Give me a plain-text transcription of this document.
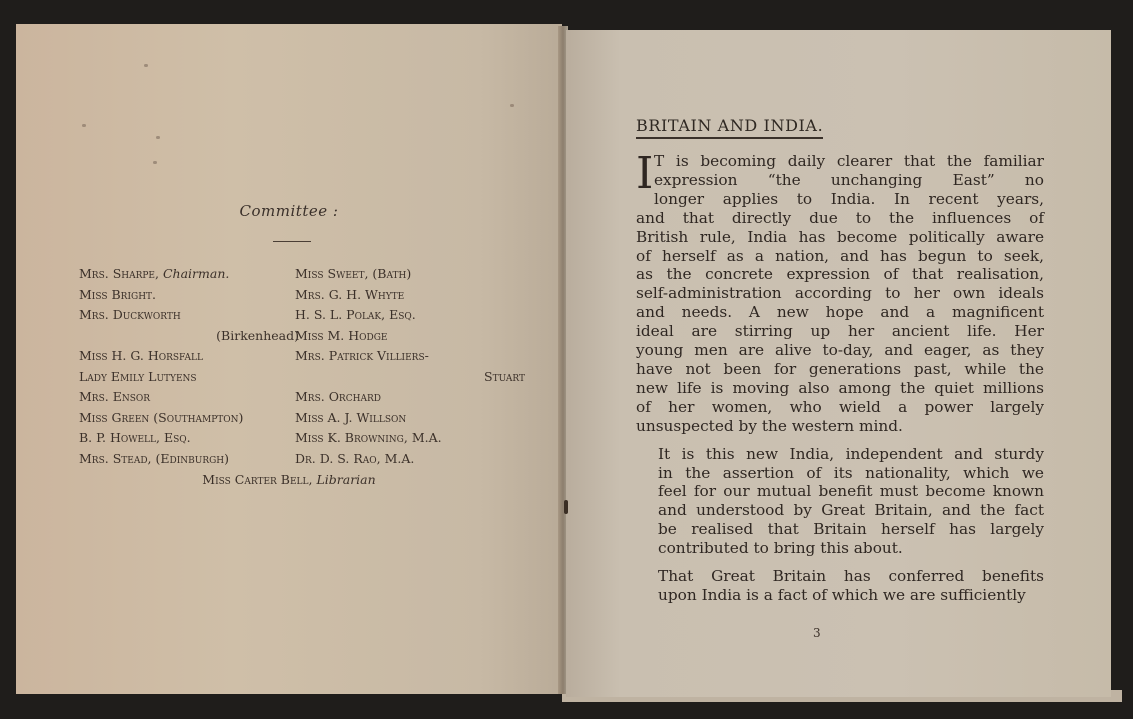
Committee :
Mrs. Sharpe, Chairman.
Miss Bright.
Mrs. Duckworth
(Birkenhead)
Miss H. G. Horsfall
Lady Emily Lutyens
Mrs. Ensor
Miss Green (Southampton)
B. P. Howell, Esq.
Mrs. Stead, (Edinburgh)
Miss Sweet, (Bath)
Mrs. G. H. Whyte
H. S. L. Polak, Esq.
Miss M. Hodge
Mrs. Patrick Villiers-
Stuart
Mrs. Orchard
Miss A. J. Willson
Miss K. Browning, M.A.
Dr. D. S. Rao, M.A.
Miss Carter Bell, Librarian
BRITAIN AND INDIA.

I T is becoming daily clearer that the familiar
expression “the unchanging East” no
longer applies to India. In recent years,
and that directly due to the influences of
British rule, India has become politically aware
of herself as a nation, and has begun to seek,
as the concrete expression of that realisation,
self-administration according to her own ideals
and needs. A new hope and a magnificent
ideal are stirring up her ancient life. Her
young men are alive to-day, and eager, as they
have not been for generations past, while the
new life is moving also among the quiet millions
of her women, who wield a power largely
unsuspected by the western mind.

It is this new India, independent and sturdy
in the assertion of its nationality, which we
feel for our mutual benefit must become known
and understood by Great Britain, and the fact
be realised that Britain herself has largely
contributed to bring this about.

That Great Britain has conferred benefits
upon India is a fact of which we are sufficiently

3
